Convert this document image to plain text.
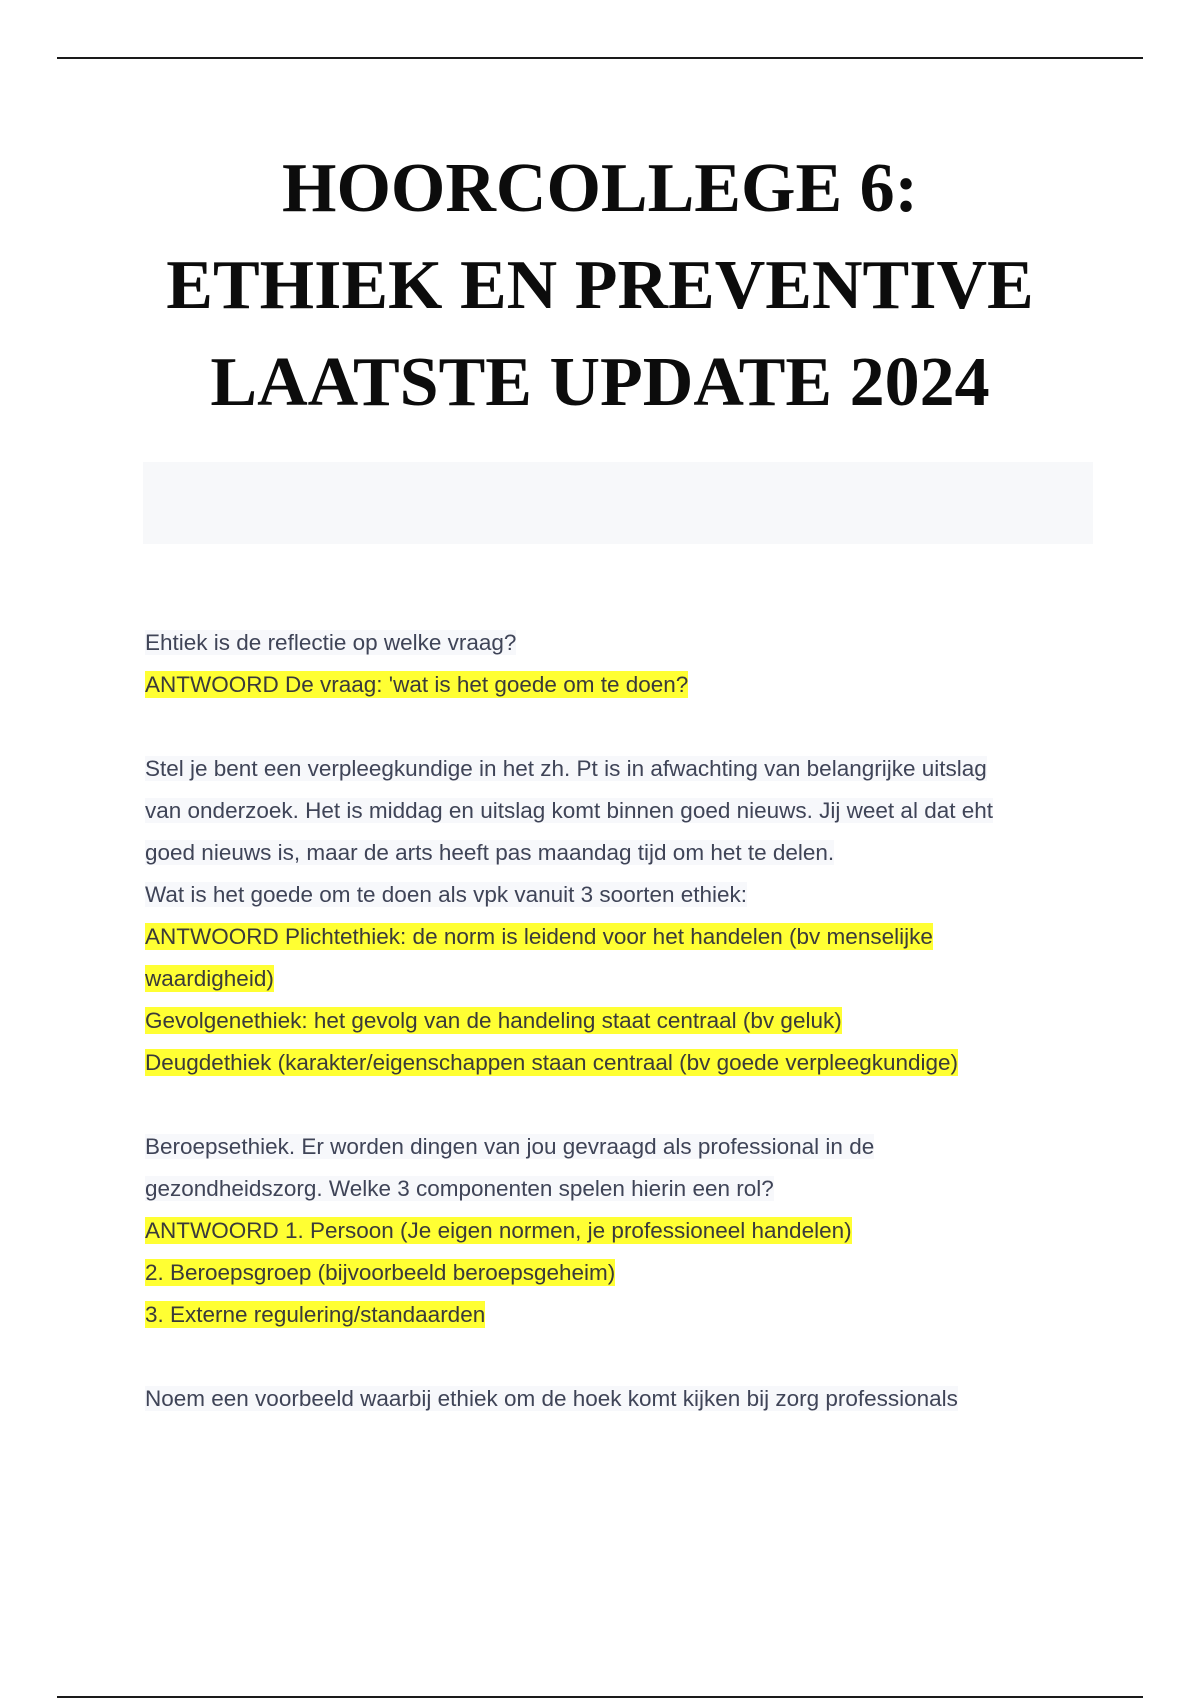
HOORCOLLEGE 6:
ETHIEK EN PREVENTIVE
LAATSTE UPDATE 2024
Ehtiek is de reflectie op welke vraag?
ANTWOORD De vraag: 'wat is het goede om te doen?
Stel je bent een verpleegkundige in het zh. Pt is in afwachting van belangrijke uitslag
van onderzoek. Het is middag en uitslag komt binnen goed nieuws. Jij weet al dat eht
goed nieuws is, maar de arts heeft pas maandag tijd om het te delen.
Wat is het goede om te doen als vpk vanuit 3 soorten ethiek:
ANTWOORD Plichtethiek: de norm is leidend voor het handelen (bv menselijke
waardigheid)
Gevolgenethiek: het gevolg van de handeling staat centraal (bv geluk)
Deugdethiek (karakter/eigenschappen staan centraal (bv goede verpleegkundige)
Beroepsethiek. Er worden dingen van jou gevraagd als professional in de
gezondheidszorg. Welke 3 componenten spelen hierin een rol?
ANTWOORD 1. Persoon (Je eigen normen, je professioneel handelen)
2. Beroepsgroep (bijvoorbeeld beroepsgeheim)
3. Externe regulering/standaarden
Noem een voorbeeld waarbij ethiek om de hoek komt kijken bij zorg professionals
